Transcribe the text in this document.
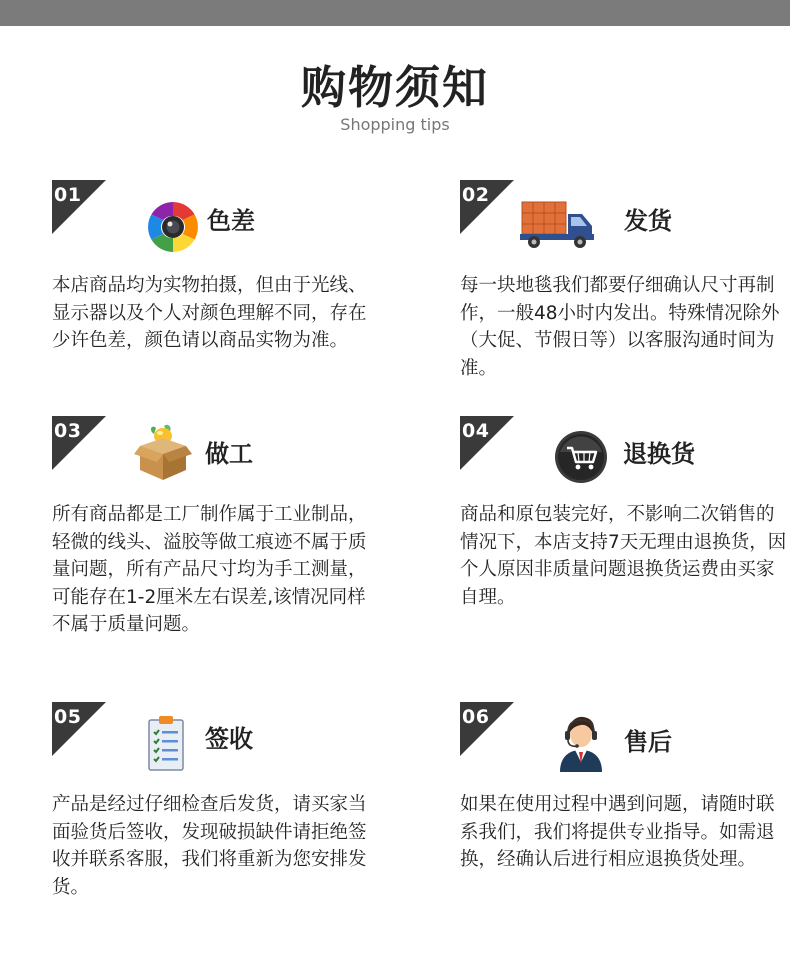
购物须知
Shopping tips
01
色差
本店商品均为实物拍摄，但由于光线、显示器以及个人对颜色理解不同，存在少许色差，颜色请以商品实物为准。
02
发货
每一块地毯我们都要仔细确认尺寸再制作，一般48小时内发出。特殊情况除外（大促、节假日等）以客服沟通时间为准。
03
做工
所有商品都是工厂制作属于工业制品，轻微的线头、溢胶等做工痕迹不属于质量问题，所有产品尺寸均为手工测量，可能存在1-2厘米左右误差,该情况同样不属于质量问题。
04
退换货
商品和原包装完好，不影响二次销售的情况下，本店支持7天无理由退换货，因个人原因非质量问题退换货运费由买家自理。
05
签收
产品是经过仔细检查后发货，请买家当面验货后签收，发现破损缺件请拒绝签收并联系客服，我们将重新为您安排发货。
06
售后
如果在使用过程中遇到问题，请随时联系我们，我们将提供专业指导。如需退换，经确认后进行相应退换货处理。
